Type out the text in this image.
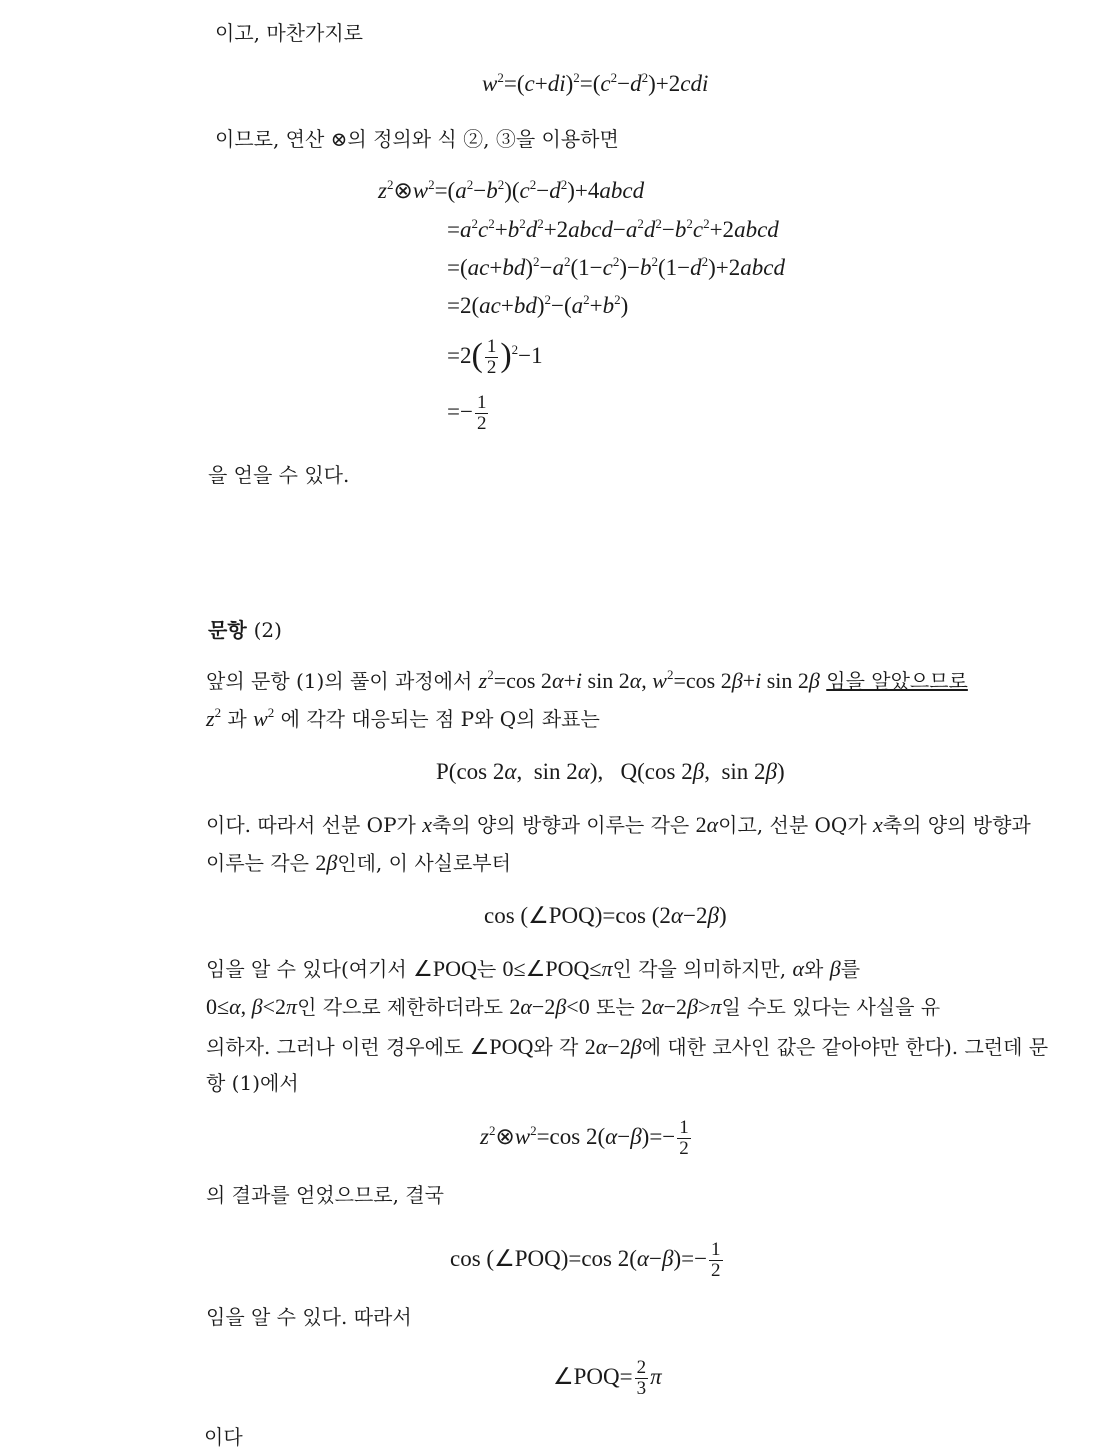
이고, 마찬가지로
$w^2=(c+di)^2=(c^2-d^2)+2cdi$
이므로, 연산 ⊗의 정의와 식 ②, ③을 이용하면
$z^2\otimes w^2=(a^2-b^2)(c^2-d^2)+4abcd$
$=a^2c^2+b^2d^2+2abcd-a^2d^2-b^2c^2+2abcd$
$=(ac+bd)^2-a^2(1-c^2)-b^2(1-d^2)+2abcd$
$=2(ac+bd)^2-(a^2+b^2)$
$=2( \frac{1}{2} )^2-1$
=− $\frac{1}{2}$
을 얻을 수 있다.
문항 (2)
앞의 문항 (1)의 풀이 과정에서 $z^2=\cos$ 2α+i sin 2α, $w^2=\cos$ 2β+i sin 2β 임을 알았으므로
$z^2$ 과 $w^2$ 에 각각 대응되는 점 P와 Q의 좌표는
P(cos 2α,  sin 2α),   Q(cos 2β,  sin 2β)
이다. 따라서 선분 OP가 x축의 양의 방향과 이루는 각은 2α이고, 선분 OQ가 x축의 양의 방향과
이루는 각은 2β인데, 이 사실로부터
cos (∠POQ)=cos (2α−2β)
임을 알 수 있다(여기서 ∠POQ는 0≤∠POQ≤π인 각을 의미하지만, α와 β를
0≤α, β<2π인 각으로 제한하더라도 2α−2β<0 또는 2α−2β>π일 수도 있다는 사실을 유
의하자. 그러나 이런 경우에도 ∠POQ와 각 2α−2β에 대한 코사인 값은 같아야만 한다). 그런데 문
항 (1)에서
$z^2\otimes w^2=\cos$ $2(\alpha-\beta)=- \frac{1}{2}$
의 결과를 얻었으므로, 결국
cos (∠POQ)=cos $2(\alpha-\beta)=- \frac{1}{2}$
임을 알 수 있다. 따라서
∠POQ= $\frac{2}{3}$ π
이다
